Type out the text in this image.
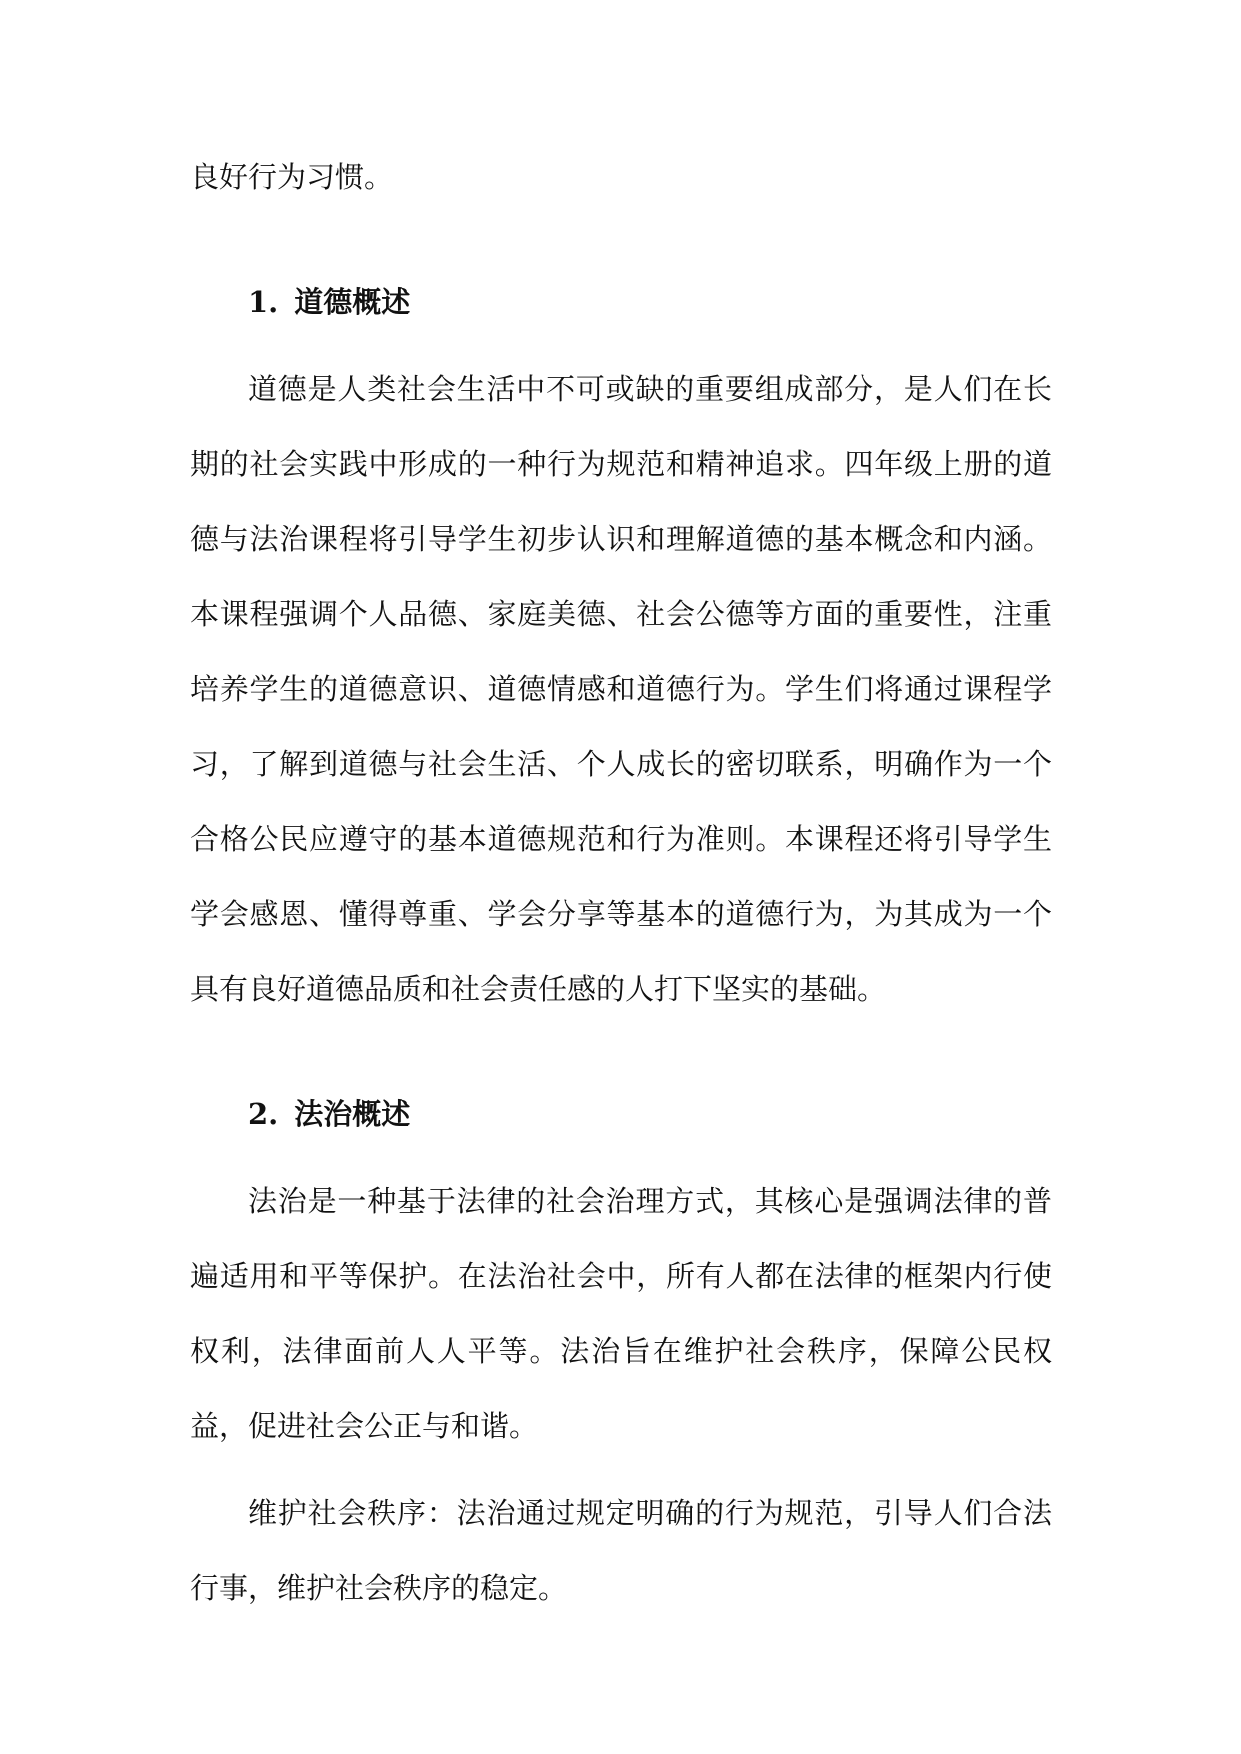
良好行为习惯。

1. 道德概述

道德是人类社会生活中不可或缺的重要组成部分，是人们在长期的社会实践中形成的一种行为规范和精神追求。四年级上册的道德与法治课程将引导学生初步认识和理解道德的基本概念和内涵。本课程强调个人品德、家庭美德、社会公德等方面的重要性，注重培养学生的道德意识、道德情感和道德行为。学生们将通过课程学习，了解到道德与社会生活、个人成长的密切联系，明确作为一个合格公民应遵守的基本道德规范和行为准则。本课程还将引导学生学会感恩、懂得尊重、学会分享等基本的道德行为，为其成为一个具有良好道德品质和社会责任感的人打下坚实的基础。

2. 法治概述

法治是一种基于法律的社会治理方式，其核心是强调法律的普遍适用和平等保护。在法治社会中，所有人都在法律的框架内行使权利，法律面前人人平等。法治旨在维护社会秩序，保障公民权益，促进社会公正与和谐。

维护社会秩序：法治通过规定明确的行为规范，引导人们合法行事，维护社会秩序的稳定。
